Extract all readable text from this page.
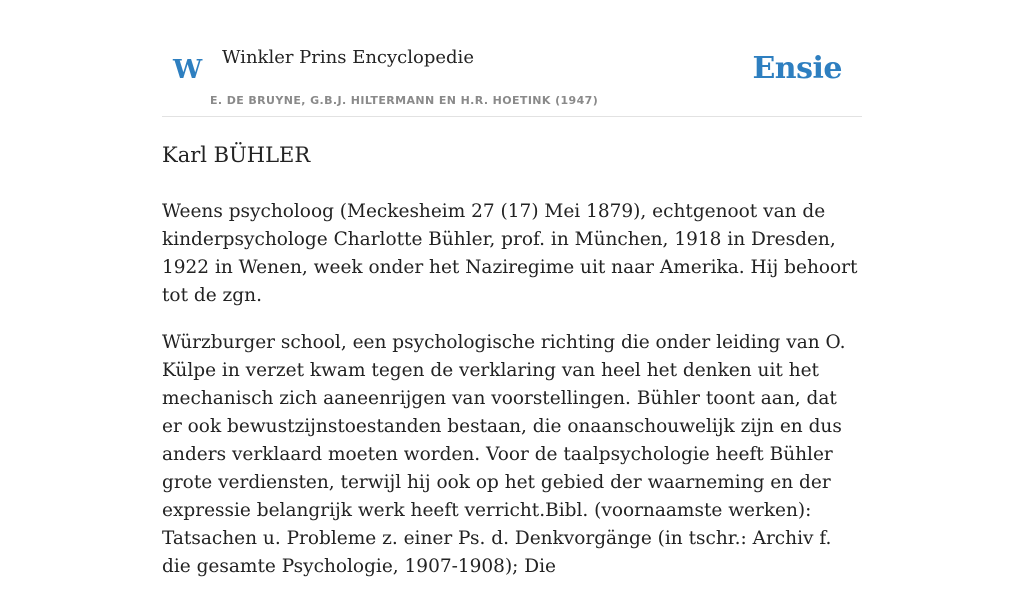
W Winkler Prins Encyclopedie
E. DE BRUYNE, G.B.J. HILTERMANN EN H.R. HOETINK (1947)
Ensie
Karl BÜHLER

Weens psycholoog (Meckesheim 27 (17) Mei 1879), echtgenoot van de kinderpsychologe Charlotte Bühler, prof. in München, 1918 in Dresden, 1922 in Wenen, week onder het Naziregime uit naar Amerika. Hij behoort tot de zgn.

Würzburger school, een psychologische richting die onder leiding van O. Külpe in verzet kwam tegen de verklaring van heel het denken uit het mechanisch zich aaneenrijgen van voorstellingen. Bühler toont aan, dat er ook bewustzijnstoestanden bestaan, die onaanschouwelijk zijn en dus anders verklaard moeten worden. Voor de taalpsychologie heeft Bühler grote verdiensten, terwijl hij ook op het gebied der waarneming en der expressie belangrijk werk heeft verricht.Bibl. (voornaamste werken): Tatsachen u. Probleme z. einer Ps. d. Denkvorgänge (in tschr.: Archiv f. die gesamte Psychologie, 1907-1908); Die
